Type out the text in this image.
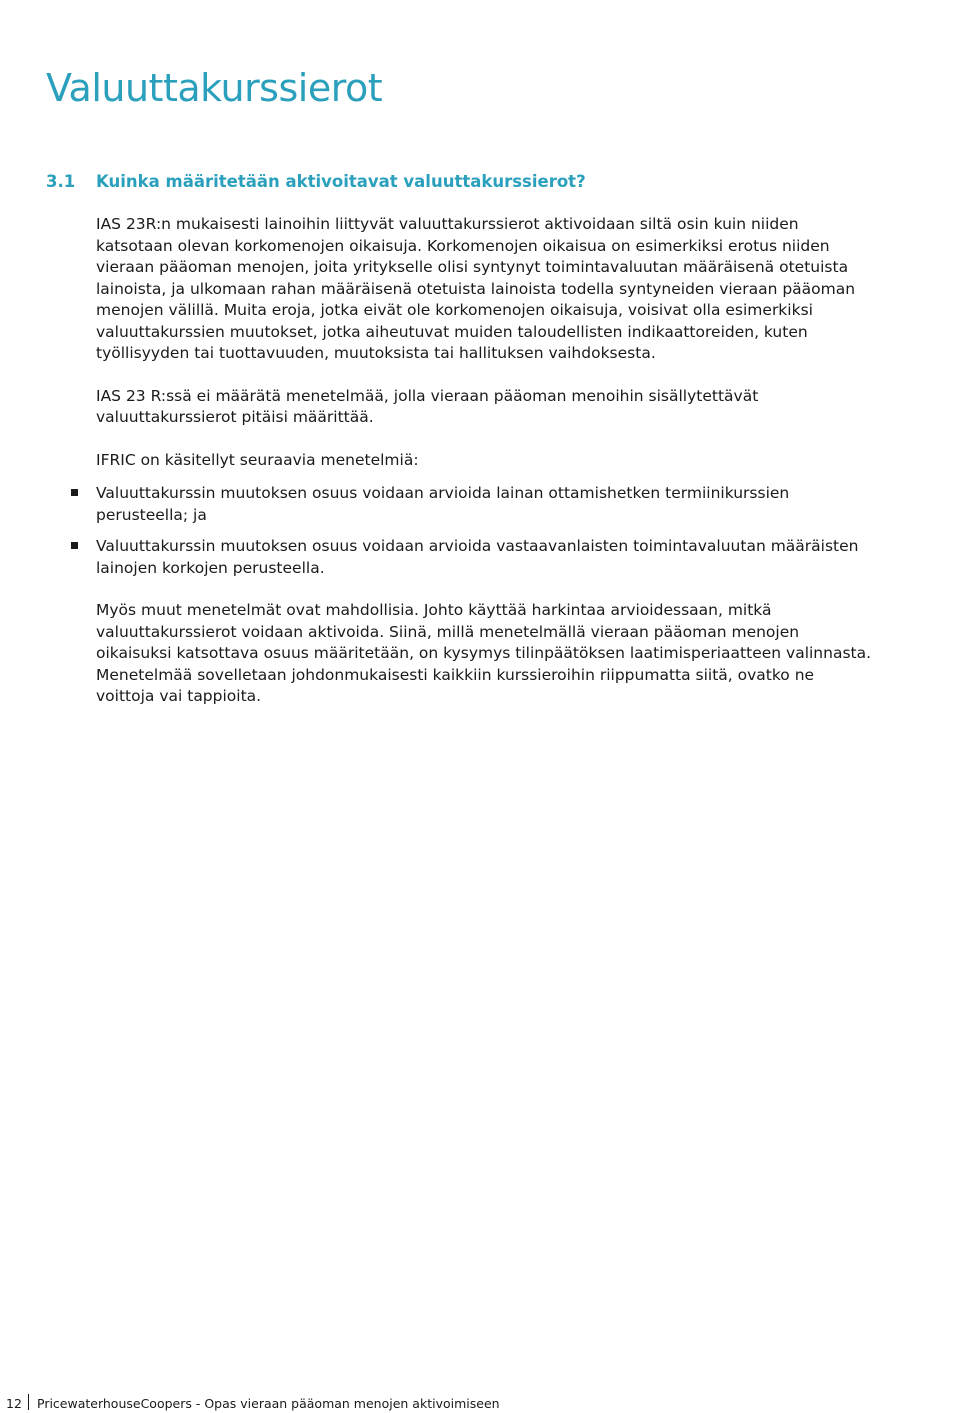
Valuuttakurssierot
3.1 Kuinka määritetään aktivoitavat valuuttakurssierot?

IAS 23R:n mukaisesti lainoihin liittyvät valuuttakurssierot aktivoidaan siltä osin kuin niiden katsotaan olevan korkomenojen oikaisuja. Korkomenojen oikaisua on esimerkiksi erotus niiden vieraan pääoman menojen, joita yritykselle olisi syntynyt toimintavaluutan määräisenä otetuista lainoista, ja ulkomaan rahan määräisenä otetuista lainoista todella syntyneiden vieraan pääoman menojen välillä. Muita eroja, jotka eivät ole korkomenojen oikaisuja, voisivat olla esimerkiksi valuuttakurssien muutokset, jotka aiheutuvat muiden taloudellisten indikaattoreiden, kuten työllisyyden tai tuottavuuden, muutoksista tai hallituksen vaihdoksesta.

IAS 23 R:ssä ei määrätä menetelmää, jolla vieraan pääoman menoihin sisällytettävät valuuttakurssierot pitäisi määrittää.

IFRIC on käsitellyt seuraavia menetelmiä:

Valuuttakurssin muutoksen osuus voidaan arvioida lainan ottamishetken termiinikurssien perusteella; ja
Valuuttakurssin muutoksen osuus voidaan arvioida vastaavanlaisten toimintavaluutan määräisten lainojen korkojen perusteella.

Myös muut menetelmät ovat mahdollisia. Johto käyttää harkintaa arvioidessaan, mitkä valuuttakurssierot voidaan aktivoida. Siinä, millä menetelmällä vieraan pääoman menojen oikaisuksi katsottava osuus määritetään, on kysymys tilinpäätöksen laatimisperiaatteen valinnasta. Menetelmää sovelletaan johdonmukaisesti kaikkiin kurssieroihin riippumatta siitä, ovatko ne voittoja vai tappioita.

12 PricewaterhouseCoopers - Opas vieraan pääoman menojen aktivoimiseen
